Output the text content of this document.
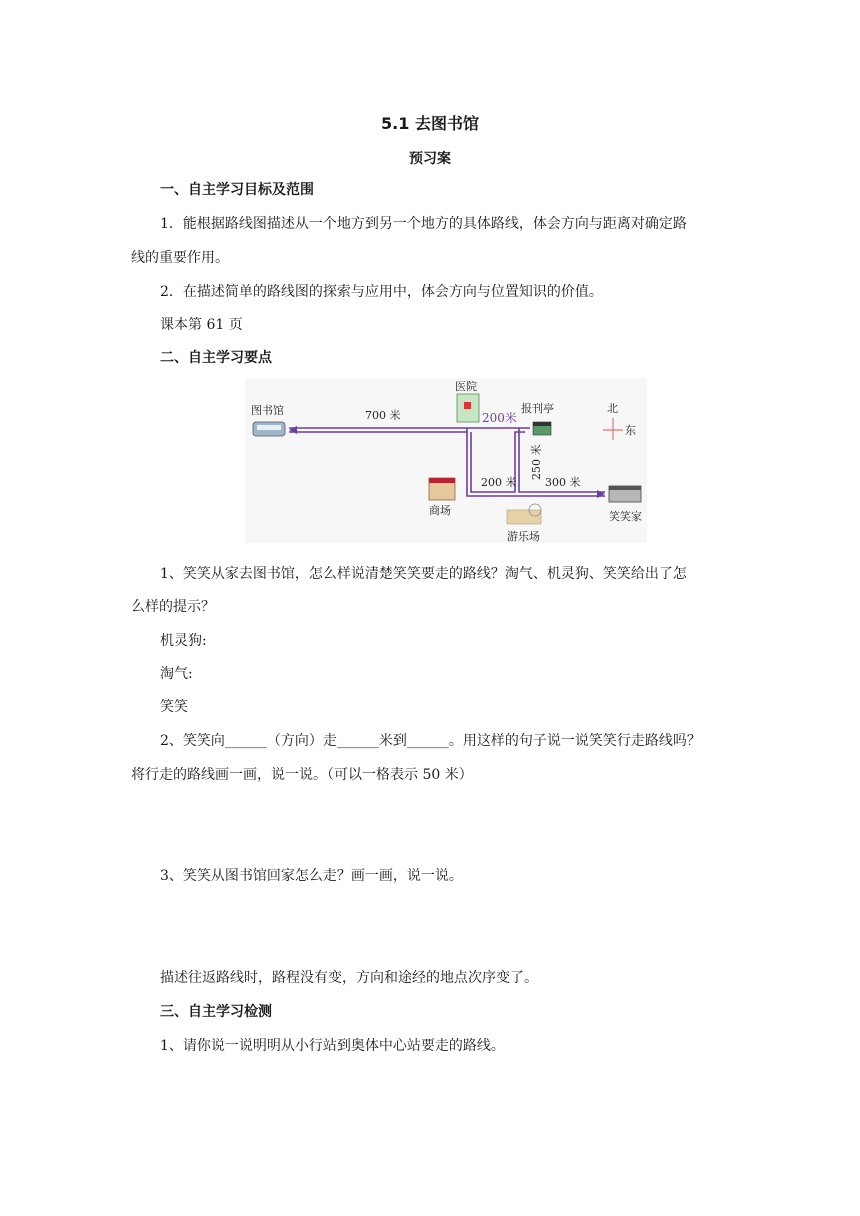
5.1 去图书馆
预习案
一、自主学习目标及范围
1．能根据路线图描述从一个地方到另一个地方的具体路线，体会方向与距离对确定路
线的重要作用。
2．在描述简单的路线图的探索与应用中，体会方向与位置知识的价值。
课本第 61 页
二、自主学习要点
图书馆
医院
200米
报刊亭	北
东
商场
游乐场
笑笑家
700 米
200 米	300 米
250 米
1、笑笑从家去图书馆，怎么样说清楚笑笑要走的路线？淘气、机灵狗、笑笑给出了怎
么样的提示？
机灵狗:
淘气:
笑笑
2、笑笑向______（方向）走______米到______。用这样的句子说一说笑笑行走路线吗？
将行走的路线画一画，说一说。（可以一格表示 50 米）
3、笑笑从图书馆回家怎么走？画一画，说一说。
描述往返路线时，路程没有变，方向和途经的地点次序变了。
三、自主学习检测
1、请你说一说明明从小行站到奥体中心站要走的路线。
